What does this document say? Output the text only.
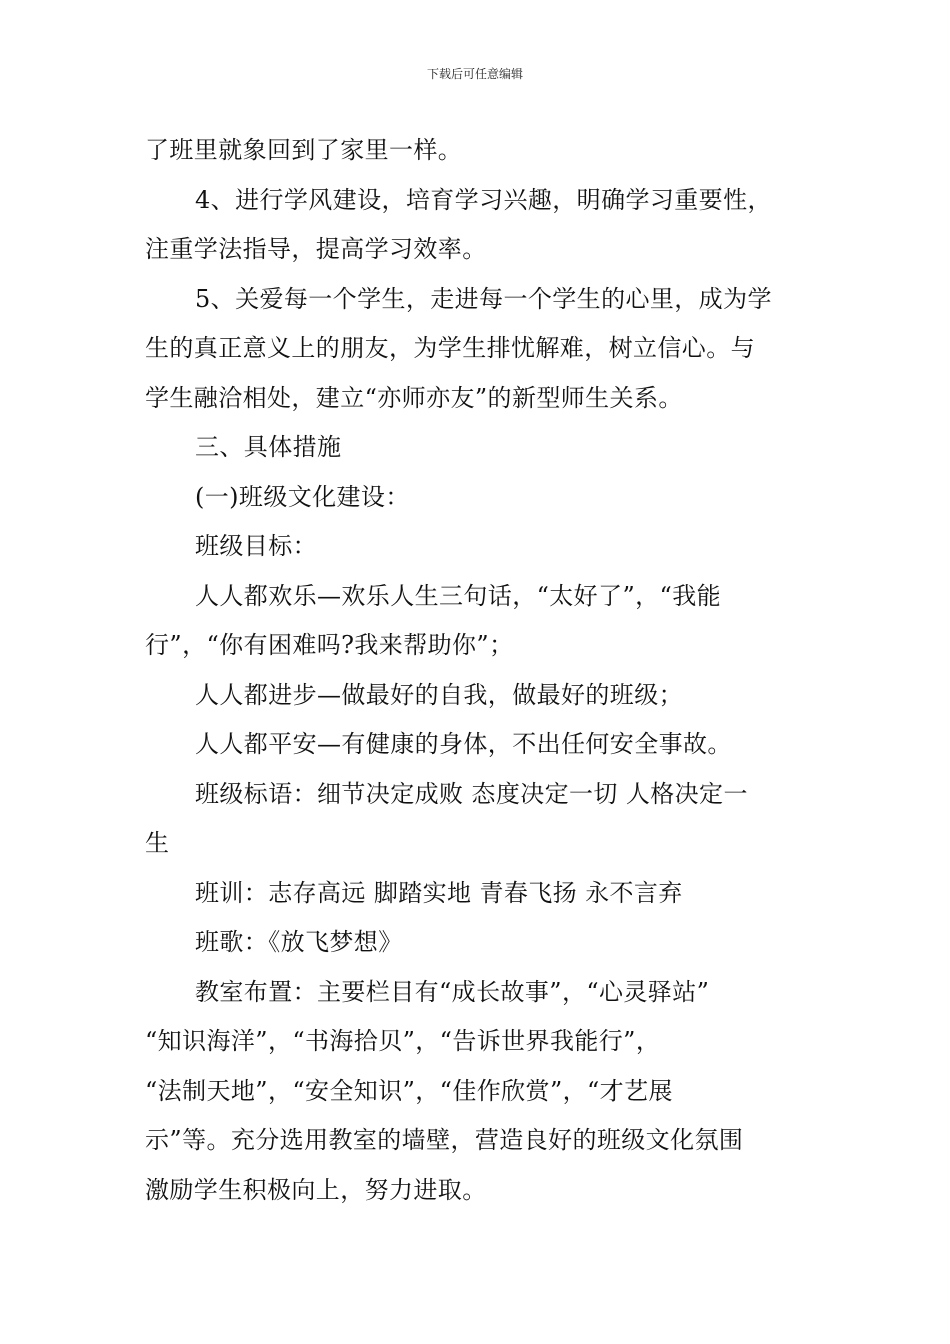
下载后可任意编辑

了班里就象回到了家里一样。

4、进行学风建设，培育学习兴趣，明确学习重要性，

注重学法指导，提高学习效率。

5、关爱每一个学生，走进每一个学生的心里，成为学

生的真正意义上的朋友，为学生排忧解难，树立信心。与

学生融洽相处，建立“亦师亦友”的新型师生关系。

三、具体措施

(一)班级文化建设：

班级目标：

人人都欢乐—欢乐人生三句话，“太好了”，“我能

行”，“你有困难吗?我来帮助你”；

人人都进步—做最好的自我，做最好的班级；

人人都平安—有健康的身体，不出任何安全事故。

班级标语：细节决定成败 态度决定一切 人格决定一

生

班训：志存高远 脚踏实地 青春飞扬 永不言弃

班歌：《放飞梦想》

教室布置：主要栏目有“成长故事”，“心灵驿站”

“知识海洋”，“书海拾贝”，“告诉世界我能行”，

“法制天地”，“安全知识”，“佳作欣赏”，“才艺展

示”等。充分选用教室的墙壁，营造良好的班级文化氛围

激励学生积极向上，努力进取。
